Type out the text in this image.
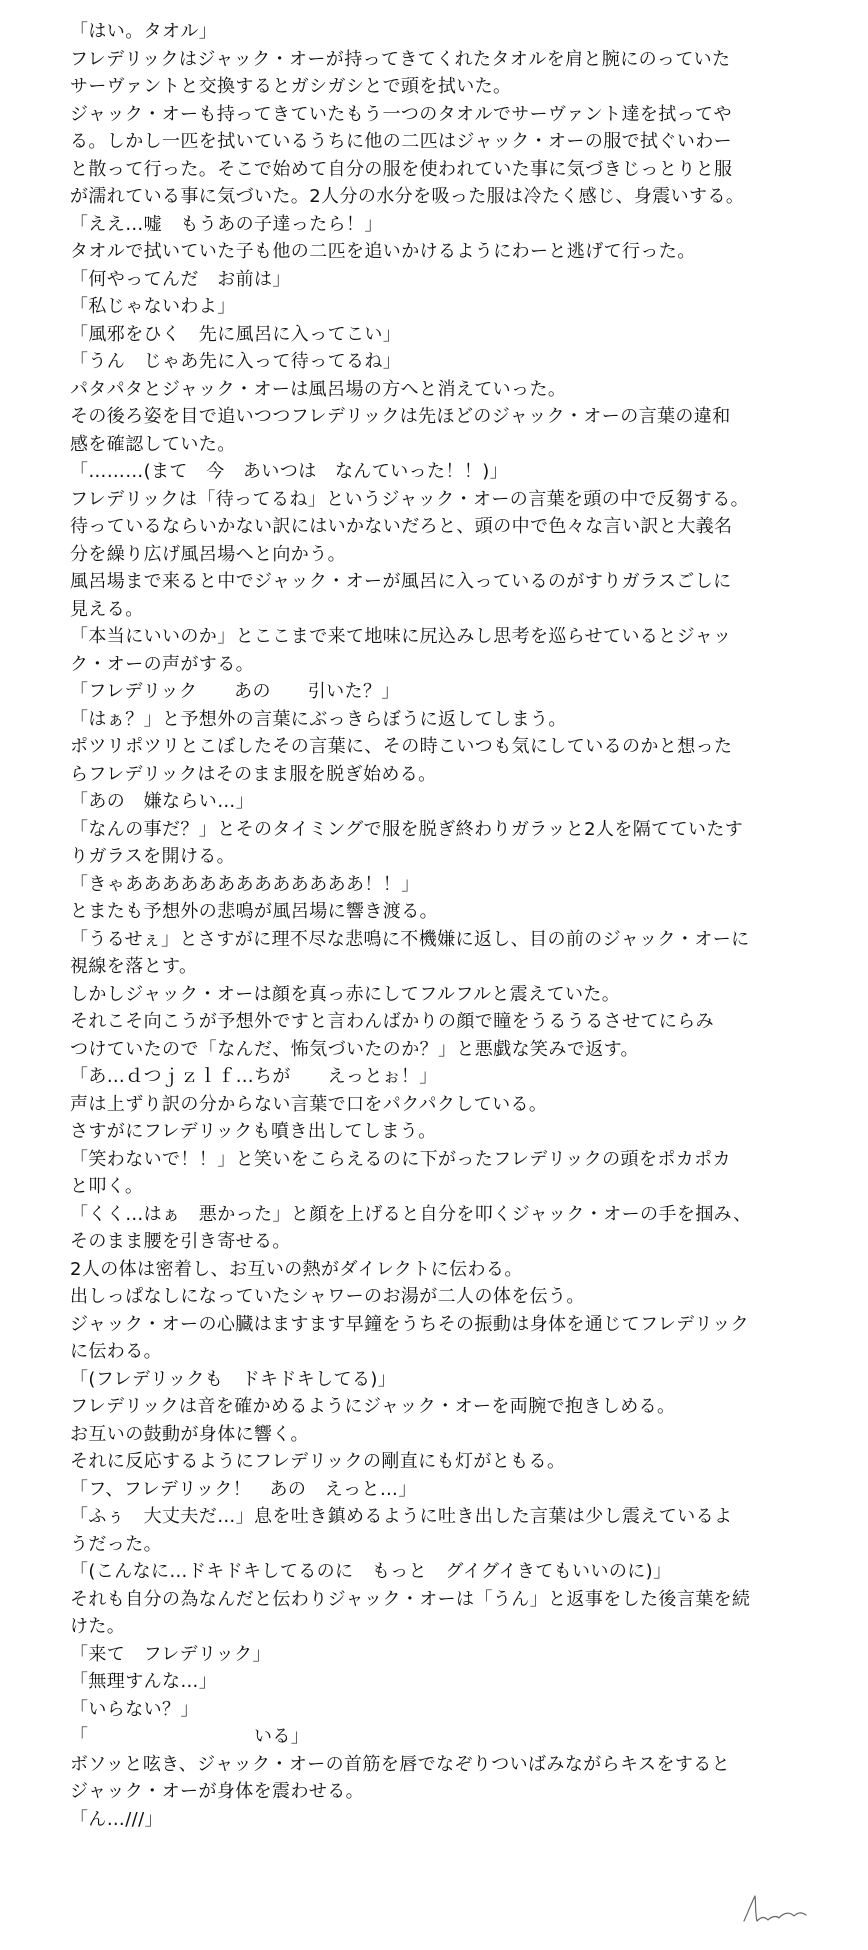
「はい。タオル」
フレデリックはジャック・オーが持ってきてくれたタオルを肩と腕にのっていた
サーヴァントと交換するとガシガシとで頭を拭いた。
ジャック・オーも持ってきていたもう一つのタオルでサーヴァント達を拭ってや
る。しかし一匹を拭いているうちに他の二匹はジャック・オーの服で拭ぐいわー
と散って行った。そこで始めて自分の服を使われていた事に気づきじっとりと服
が濡れている事に気づいた。2人分の水分を吸った服は冷たく感じ、身震いする。
「ええ…嘘　もうあの子達ったら！」
タオルで拭いていた子も他の二匹を追いかけるようにわーと逃げて行った。
「何やってんだ　お前は」
「私じゃないわよ」
「風邪をひく　先に風呂に入ってこい」
「うん　じゃあ先に入って待ってるね」
パタパタとジャック・オーは風呂場の方へと消えていった。
その後ろ姿を目で追いつつフレデリックは先ほどのジャック・オーの言葉の違和
感を確認していた。
「………(まて　今　あいつは　なんていった！！)」
フレデリックは「待ってるね」というジャック・オーの言葉を頭の中で反芻する。
待っているならいかない訳にはいかないだろと、頭の中で色々な言い訳と大義名
分を繰り広げ風呂場へと向かう。
風呂場まで来ると中でジャック・オーが風呂に入っているのがすりガラスごしに
見える。
「本当にいいのか」とここまで来て地味に尻込みし思考を巡らせているとジャッ
ク・オーの声がする。
「フレデリック　　あの　　引いた？」
「はぁ？」と予想外の言葉にぶっきらぼうに返してしまう。
ポツリポツリとこぼしたその言葉に、その時こいつも気にしているのかと想った
らフレデリックはそのまま服を脱ぎ始める。
「あの　嫌ならい…」
「なんの事だ？」とそのタイミングで服を脱ぎ終わりガラッと2人を隔てていたす
りガラスを開ける。
「きゃあああああああああああああ！！」
とまたも予想外の悲鳴が風呂場に響き渡る。
「うるせぇ」とさすがに理不尽な悲鳴に不機嫌に返し、目の前のジャック・オーに
視線を落とす。
しかしジャック・オーは顔を真っ赤にしてフルフルと震えていた。
それこそ向こうが予想外ですと言わんばかりの顔で瞳をうるうるさせてにらみ
つけていたので「なんだ、怖気づいたのか？」と悪戯な笑みで返す。
「あ…ｄつｊｚｌｆ…ちが　　えっとぉ！」
声は上ずり訳の分からない言葉で口をパクパクしている。
さすがにフレデリックも噴き出してしまう。
「笑わないで！！」と笑いをこらえるのに下がったフレデリックの頭をポカポカ
と叩く。
「くく…はぁ　悪かった」と顔を上げると自分を叩くジャック・オーの手を掴み、
そのまま腰を引き寄せる。
2人の体は密着し、お互いの熱がダイレクトに伝わる。
出しっぱなしになっていたシャワーのお湯が二人の体を伝う。
ジャック・オーの心臓はますます早鐘をうちその振動は身体を通じてフレデリック
に伝わる。
「(フレデリックも　ドキドキしてる)」
フレデリックは音を確かめるようにジャック・オーを両腕で抱きしめる。
お互いの鼓動が身体に響く。
それに反応するようにフレデリックの剛直にも灯がともる。
「フ、フレデリック！　あの　えっと…」
「ふぅ　大丈夫だ…」息を吐き鎮めるように吐き出した言葉は少し震えているよ
うだった。
「(こんなに…ドキドキしてるのに　もっと　グイグイきてもいいのに)」
それも自分の為なんだと伝わりジャック・オーは「うん」と返事をした後言葉を続
けた。
「来て　フレデリック」
「無理すんな…」
「いらない？」
「　　　　　　　　　いる」
ボソッと呟き、ジャック・オーの首筋を唇でなぞりついばみながらキスをすると
ジャック・オーが身体を震わせる。
「ん…///」
